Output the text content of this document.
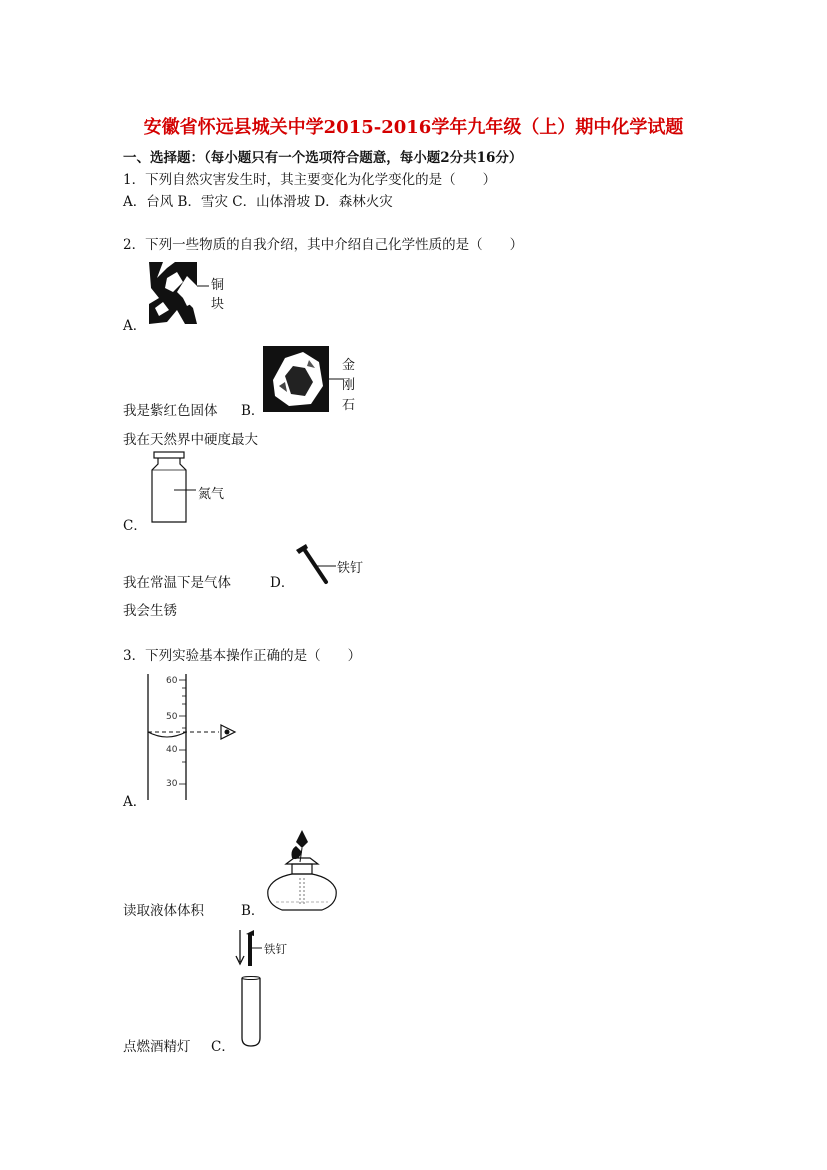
安徽省怀远县城关中学2015-2016学年九年级（上）期中化学试题
一、选择题：（每小题只有一个选项符合题意，每小题2分共16分）
1．下列自然灾害发生时，其主要变化为化学变化的是（　　）
A．台风 B．雪灾 C．山体滑坡 D．森林火灾
2．下列一些物质的自我介绍，其中介绍自己化学性质的是（　　）
铜
块
A．
金
刚
石
我是紫红色固体 B．
我在天然界中硬度最大
氮气
C．
铁钉
我在常温下是气体	D．
我会生锈
3．下列实验基本操作正确的是（　　）
60
50
40
30
A．
读取液体体积	B．
铁钉
点燃酒精灯 C．
